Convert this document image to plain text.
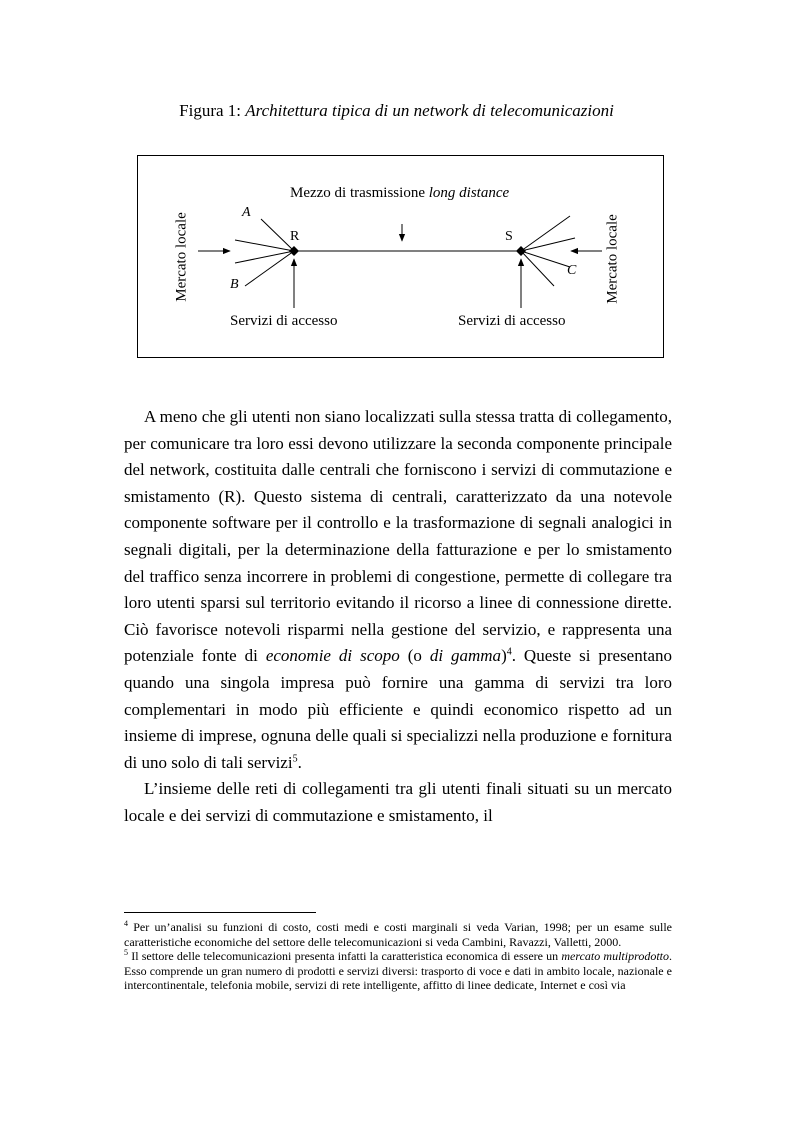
Figura 1: Architettura tipica di un network di telecomunicazioni
Mezzo di trasmissione long distance
A
R	S
B
C
Servizi di accesso	Servizi di accesso
Mercato locale	Mercato locale

A meno che gli utenti non siano localizzati sulla stessa tratta di collegamento, per comunicare tra loro essi devono utilizzare la seconda componente principale del network, costituita dalle centrali che forniscono i servizi di commutazione e smistamento (R). Questo sistema di centrali, caratterizzato da una notevole componente software per il controllo e la trasformazione di segnali analogici in segnali digitali, per la determinazione della fatturazione e per lo smistamento del traffico senza incorrere in problemi di congestione, permette di collegare tra loro utenti sparsi sul territorio evitando il ricorso a linee di connessione dirette. Ciò favorisce notevoli risparmi nella gestione del servizio, e rappresenta una potenziale fonte di economie di scopo (o di gamma)$^4$. Queste si presentano quando una singola impresa può fornire una gamma di servizi tra loro complementari in modo più efficiente e quindi economico rispetto ad un insieme di imprese, ognuna delle quali si specializzi nella produzione e fornitura di uno solo di tali servizi$^5$.

L’insieme delle reti di collegamenti tra gli utenti finali situati su un mercato locale e dei servizi di commutazione e smistamento, il

$^4$ Per un’analisi su funzioni di costo, costi medi e costi marginali si veda Varian, 1998; per un esame sulle caratteristiche economiche del settore delle telecomunicazioni si veda Cambini, Ravazzi, Valletti, 2000.

$^5$ Il settore delle telecomunicazioni presenta infatti la caratteristica economica di essere un mercato multiprodotto. Esso comprende un gran numero di prodotti e servizi diversi: trasporto di voce e dati in ambito locale, nazionale e intercontinentale, telefonia mobile, servizi di rete intelligente, affitto di linee dedicate, Internet e così via
